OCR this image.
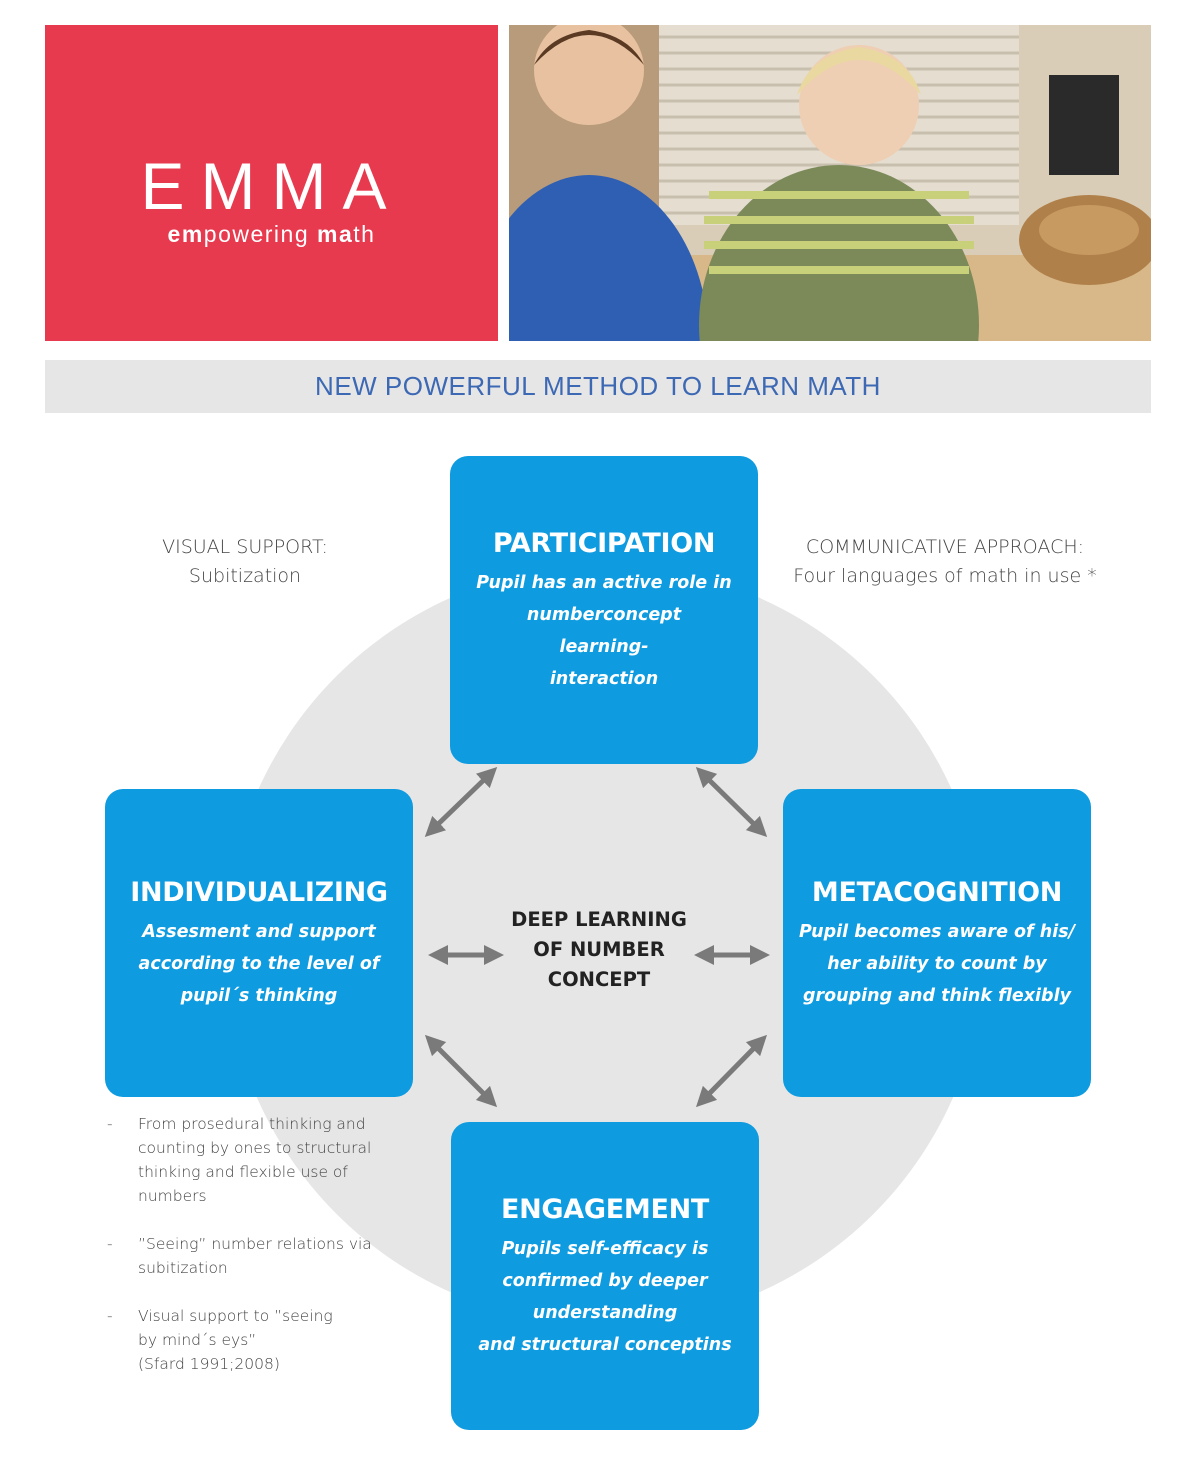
EMMA
empowering math
NEW POWERFUL METHOD TO LEARN MATH
VISUAL SUPPORT:
Subitization
COMMUNICATIVE APPROACH:
Four languages of math in use *
PARTICIPATION
Pupil has an active role in
numberconcept
learning-
interaction
INDIVIDUALIZING
Assesment and support
according to the level of
pupil´s thinking
METACOGNITION
Pupil becomes aware of his/
her ability to count by
grouping and think flexibly
ENGAGEMENT
Pupils self-efficacy is
confirmed by deeper
understanding
and structural conceptins
DEEP LEARNING
OF NUMBER
CONCEPT
- From prosedural thinking and
counting by ones to structural
thinking and flexible use of
numbers
- ”Seeing” number relations via
subitization
- Visual support to ”seeing
by mind´s eys”
(Sfard 1991;2008)
